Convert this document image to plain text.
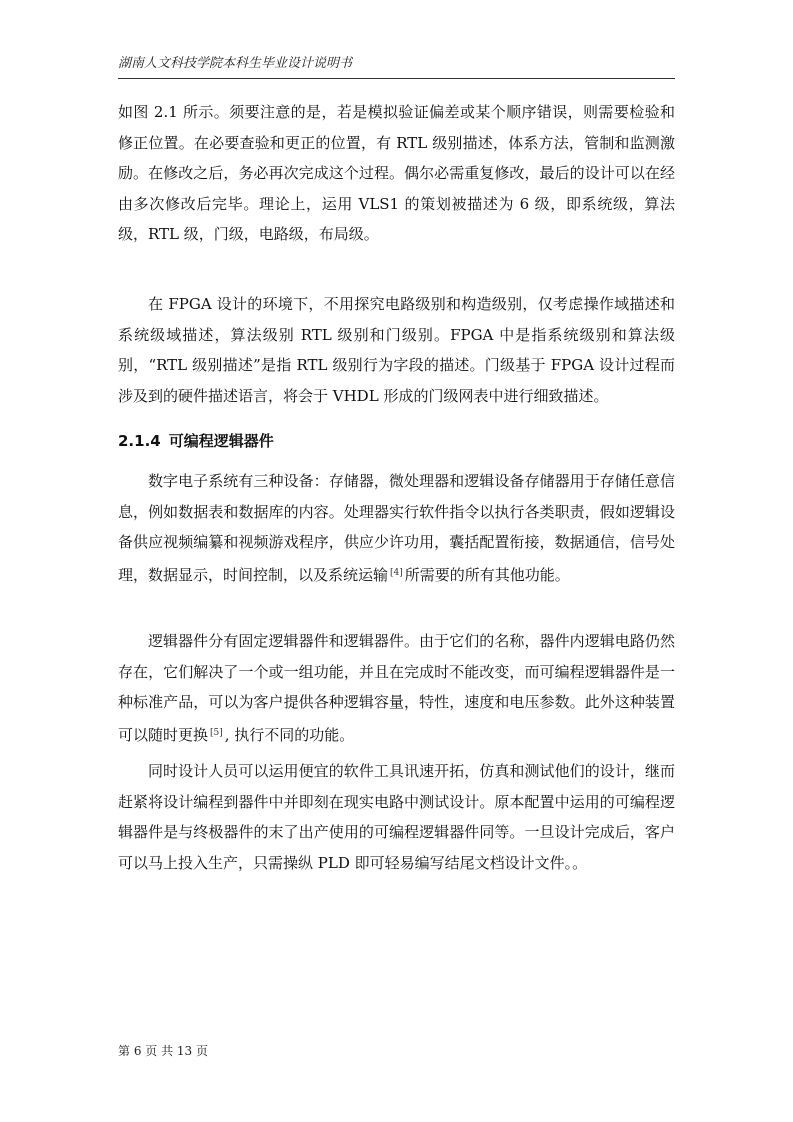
湖南人文科技学院本科生毕业设计说明书

如图 2.1 所示。须要注意的是，若是模拟验证偏差或某个顺序错误，则需要检验和修正位置。在必要查验和更正的位置，有 RTL 级别描述，体系方法，管制和监测激励。在修改之后，务必再次完成这个过程。偶尔必需重复修改，最后的设计可以在经由多次修改后完毕。理论上，运用 VLS1 的策划被描述为 6 级，即系统级，算法级，RTL 级，门级，电路级，布局级。

在 FPGA 设计的环境下，不用探究电路级别和构造级别，仅考虑操作域描述和系统级域描述，算法级别 RTL 级别和门级别。FPGA 中是指系统级别和算法级别，“RTL 级别描述”是指 RTL 级别行为字段的描述。门级基于 FPGA 设计过程而涉及到的硬件描述语言，将会于 VHDL 形成的门级网表中进行细致描述。

2.1.4 可编程逻辑器件

数字电子系统有三种设备：存储器，微处理器和逻辑设备存储器用于存储任意信息，例如数据表和数据库的内容。处理器实行软件指令以执行各类职责，假如逻辑设备供应视频编纂和视频游戏程序，供应少许功用，囊括配置衔接，数据通信，信号处理，数据显示，时间控制，以及系统运输 [4] 所需要的所有其他功能。

逻辑器件分有固定逻辑器件和逻辑器件。由于它们的名称，器件内逻辑电路仍然存在，它们解决了一个或一组功能，并且在完成时不能改变，而可编程逻辑器件是一种标准产品，可以为客户提供各种逻辑容量，特性，速度和电压参数。此外这种装置可以随时更换 [5] , 执行不同的功能。

同时设计人员可以运用便宜的软件工具讯速开拓，仿真和测试他们的设计，继而赶紧将设计编程到器件中并即刻在现实电路中测试设计。原本配置中运用的可编程逻辑器件是与终极器件的末了出产使用的可编程逻辑器件同等。一旦设计完成后，客户可以马上投入生产，只需操纵 PLD 即可轻易编写结尾文档设计文件。。

第 6 页 共 13 页
